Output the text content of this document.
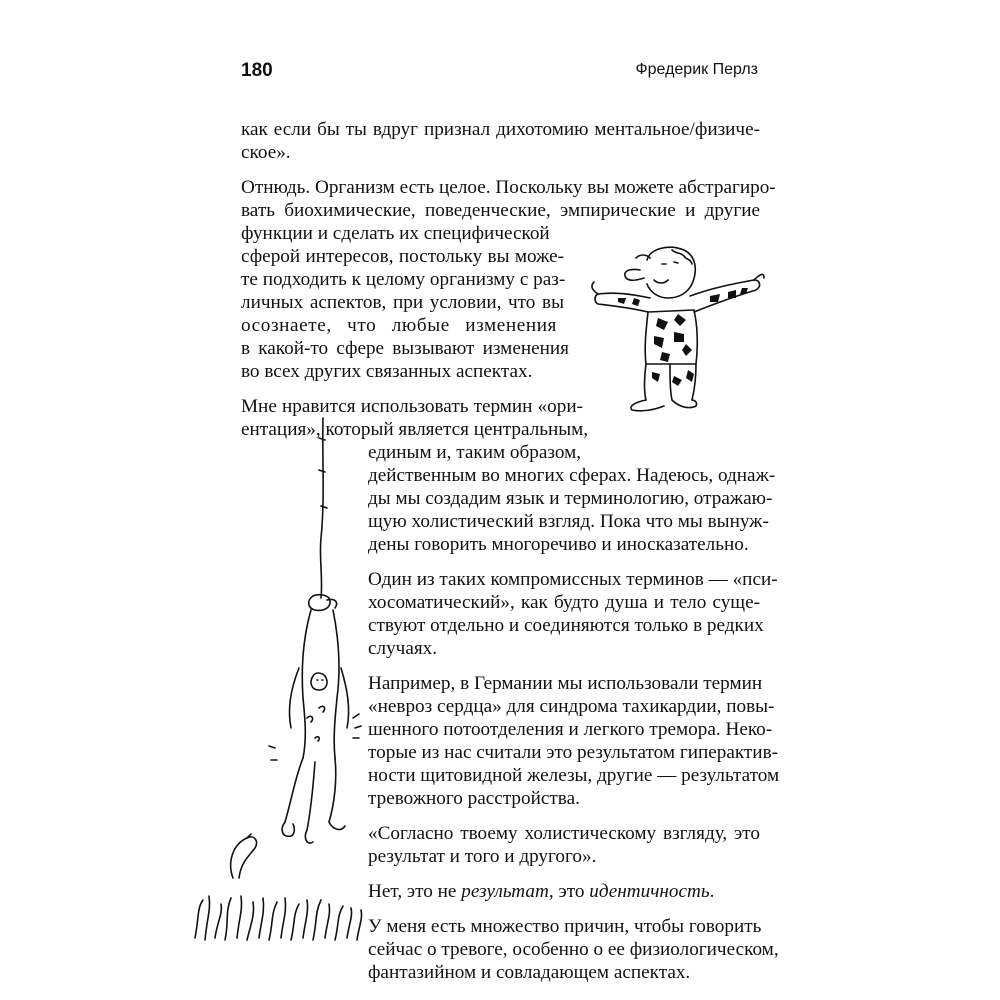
180	Фредерик Перлз
как если бы ты вдруг признал дихотомию ментальное/физиче-
ское».
Отнюдь. Организм есть целое. Поскольку вы можете абстрагиро-
вать биохимические, поведенческие, эмпирические и другие
функции и сделать их специфической
сферой интересов, постольку вы може-
те подходить к целому организму с раз-
личных аспектов, при условии, что вы
осознаете, что любые изменения
в какой-то сфере вызывают изменения
во всех других связанных аспектах.
Мне нравится использовать термин «ори-
ентация», который является центральным,
единым и, таким образом,
действенным во многих сферах. Надеюсь, однаж-
ды мы создадим язык и терминологию, отражаю-
щую холистический взгляд. Пока что мы вынуж-
дены говорить многоречиво и иносказательно.
Один из таких компромиссных терминов — «пси-
хосоматический», как будто душа и тело суще-
ствуют отдельно и соединяются только в редких
случаях.
Например, в Германии мы использовали термин
«невроз сердца» для синдрома тахикардии, повы-
шенного потоотделения и легкого тремора. Неко-
торые из нас считали это результатом гиперактив-
ности щитовидной железы, другие — результатом
тревожного расстройства.
«Согласно твоему холистическому взгляду, это
результат и того и другого».
Нет, это не результат, это идентичность.
У меня есть множество причин, чтобы говорить
сейчас о тревоге, особенно о ее физиологическом,
фантазийном и совладающем аспектах.
